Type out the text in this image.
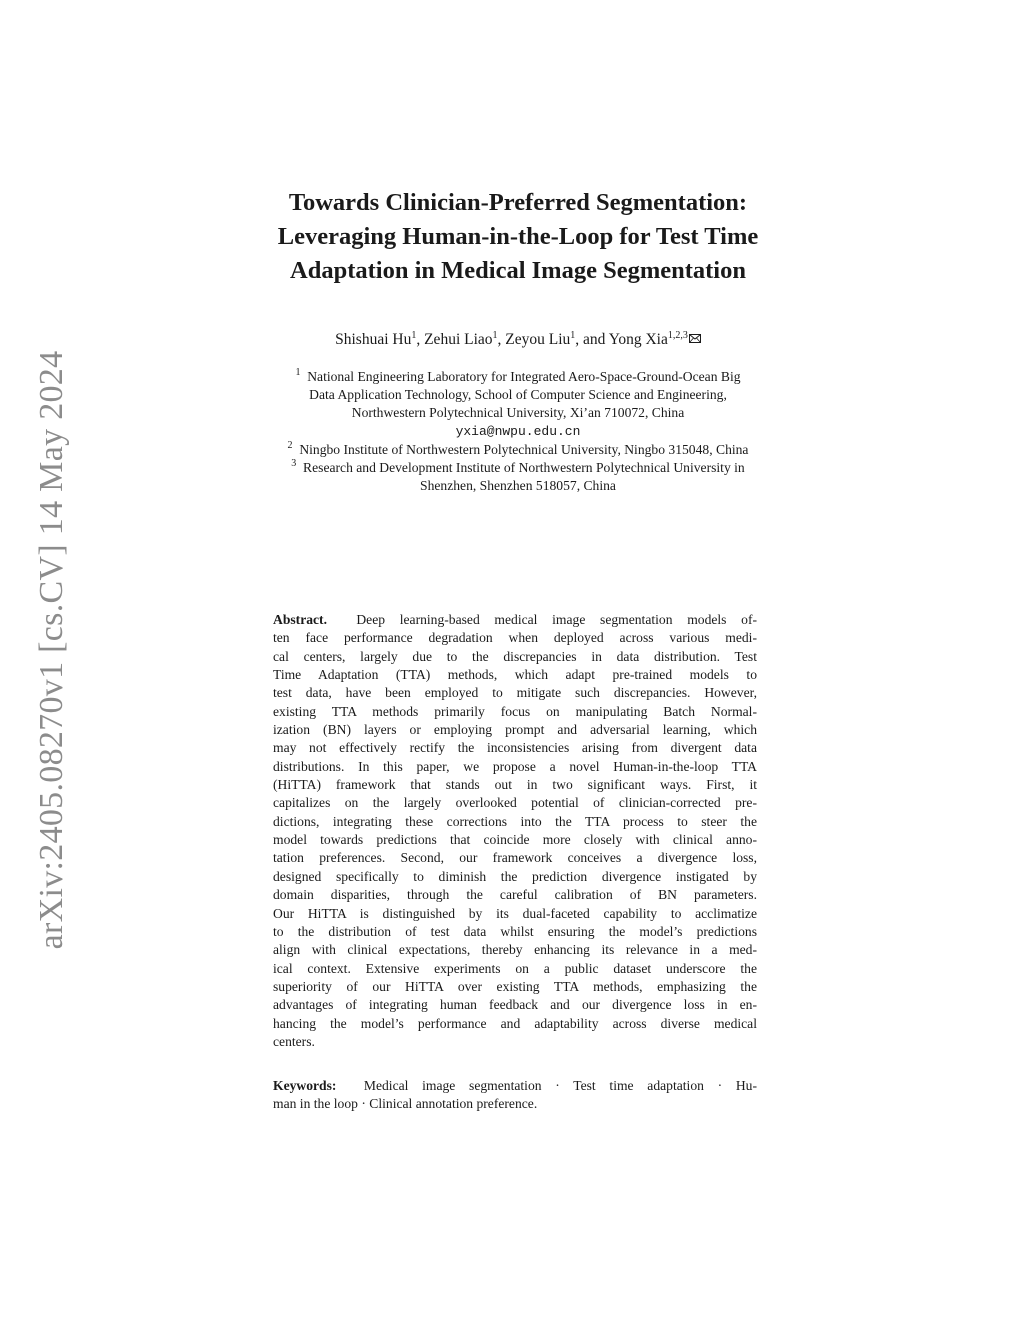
arXiv:2405.08270v1 [cs.CV] 14 May 2024
Towards Clinician-Preferred Segmentation:
Leveraging Human-in-the-Loop for Test Time
Adaptation in Medical Image Segmentation
Shishuai Hu$^1$, Zehui Liao$^1$, Zeyou Liu$^1$, and Yong Xia$^{1,2,3}$
$^1$ National Engineering Laboratory for Integrated Aero-Space-Ground-Ocean Big
Data Application Technology, School of Computer Science and Engineering,
Northwestern Polytechnical University, Xi’an 710072, China
yxia@nwpu.edu.cn
$^2$ Ningbo Institute of Northwestern Polytechnical University, Ningbo 315048, China
$^3$ Research and Development Institute of Northwestern Polytechnical University in
Shenzhen, Shenzhen 518057, China
Abstract. Deep learning-based medical image segmentation models of-
ten face performance degradation when deployed across various medi-
cal centers, largely due to the discrepancies in data distribution. Test
Time Adaptation (TTA) methods, which adapt pre-trained models to
test data, have been employed to mitigate such discrepancies. However,
existing TTA methods primarily focus on manipulating Batch Normal-
ization (BN) layers or employing prompt and adversarial learning, which
may not effectively rectify the inconsistencies arising from divergent data
distributions. In this paper, we propose a novel Human-in-the-loop TTA
(HiTTA) framework that stands out in two significant ways. First, it
capitalizes on the largely overlooked potential of clinician-corrected pre-
dictions, integrating these corrections into the TTA process to steer the
model towards predictions that coincide more closely with clinical anno-
tation preferences. Second, our framework conceives a divergence loss,
designed specifically to diminish the prediction divergence instigated by
domain disparities, through the careful calibration of BN parameters.
Our HiTTA is distinguished by its dual-faceted capability to acclimatize
to the distribution of test data whilst ensuring the model’s predictions
align with clinical expectations, thereby enhancing its relevance in a med-
ical context. Extensive experiments on a public dataset underscore the
superiority of our HiTTA over existing TTA methods, emphasizing the
advantages of integrating human feedback and our divergence loss in en-
hancing the model’s performance and adaptability across diverse medical
centers.
Keywords: Medical image segmentation · Test time adaptation · Hu-
man in the loop · Clinical annotation preference.
